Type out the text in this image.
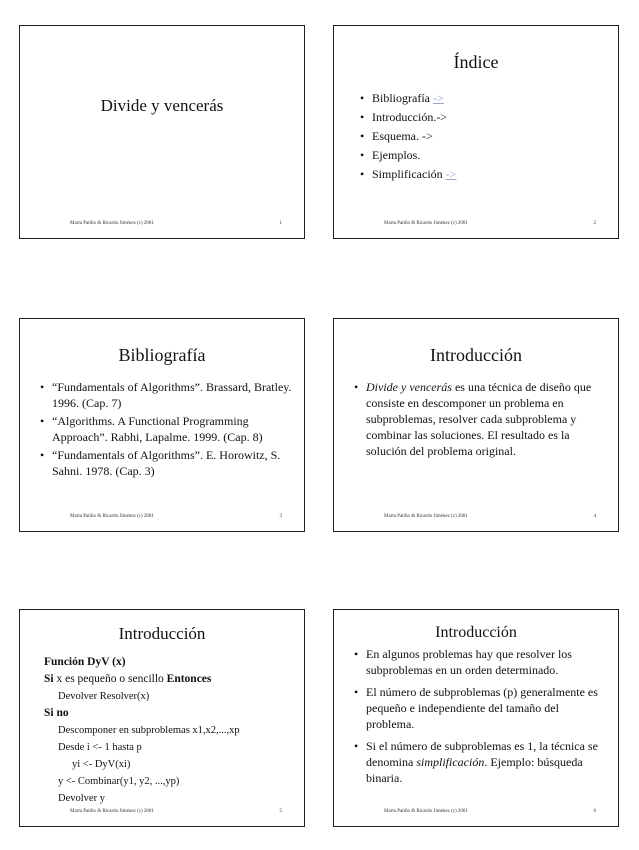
Divide y vencerás
Marta Patiño & Ricardo Jiménez (c) 2001	1
Índice
• Bibliografía ->
• Introducción.->
• Esquema. ->
• Ejemplos.
• Simplificación ->
Marta Patiño & Ricardo Jiménez (c) 2001	2
Bibliografía
• “Fundamentals of Algorithms”. Brassard, Bratley. 1996. (Cap. 7)
• “Algorithms. A Functional Programming Approach”. Rabhi, Lapalme. 1999. (Cap. 8)
• “Fundamentals of Algorithms”. E. Horowitz, S. Sahni. 1978. (Cap. 3)
Marta Patiño & Ricardo Jiménez (c) 2001	3
Introducción
• Divide y vencerás es una técnica de diseño que consiste en descomponer un problema en subproblemas, resolver cada subproblema y combinar las soluciones. El resultado es la solución del problema original.
Marta Patiño & Ricardo Jiménez (c) 2001	4
Introducción
Función DyV (x)
Si x es pequeño o sencillo Entonces
Devolver Resolver(x)
Si no
Descomponer en subproblemas x1,x2,...,xp
Desde i <- 1 hasta p
yi <- DyV(xi)
y <- Combinar(y1, y2, ...,yp)
Devolver y
Marta Patiño & Ricardo Jiménez (c) 2001	5
Introducción
• En algunos problemas hay que resolver los subproblemas en un orden determinado.
• El número de subproblemas (p) generalmente es pequeño e independiente del tamaño del problema.
• Si el número de subproblemas es 1, la técnica se denomina simplificación. Ejemplo: búsqueda binaria.
Marta Patiño & Ricardo Jiménez (c) 2001	6
